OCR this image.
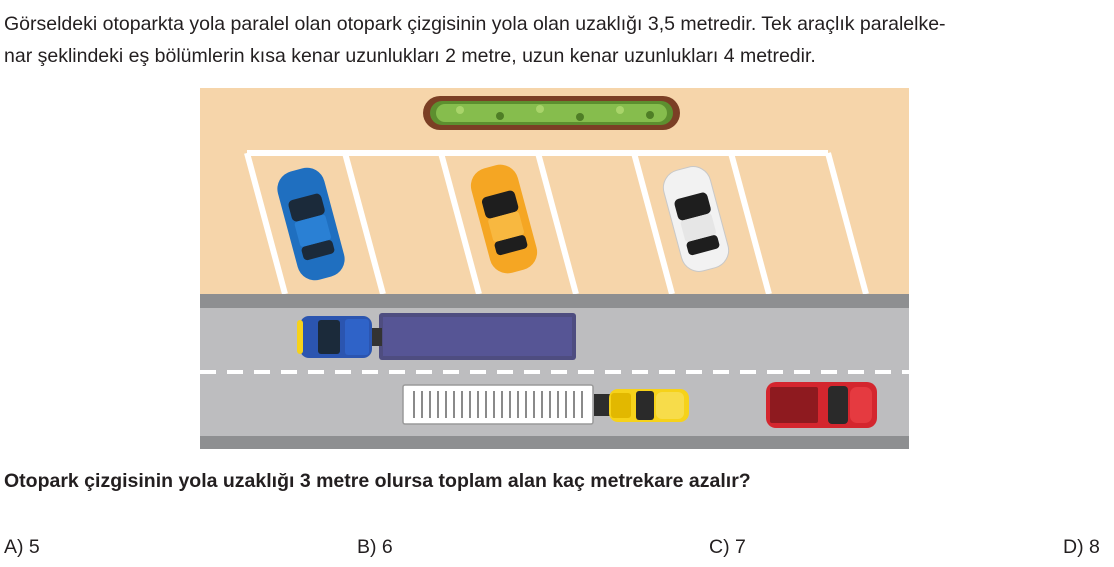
Görseldeki otoparkta yola paralel olan otopark çizgisinin yola olan uzaklığı 3,5 metredir. Tek araçlık paralelke-
nar şeklindeki eş bölümlerin kısa kenar uzunlukları 2 metre, uzun kenar uzunlukları 4 metredir.

Otopark çizgisinin yola uzaklığı 3 metre olursa toplam alan kaç metrekare azalır?

A) 5	B) 6	C) 7	D) 8
